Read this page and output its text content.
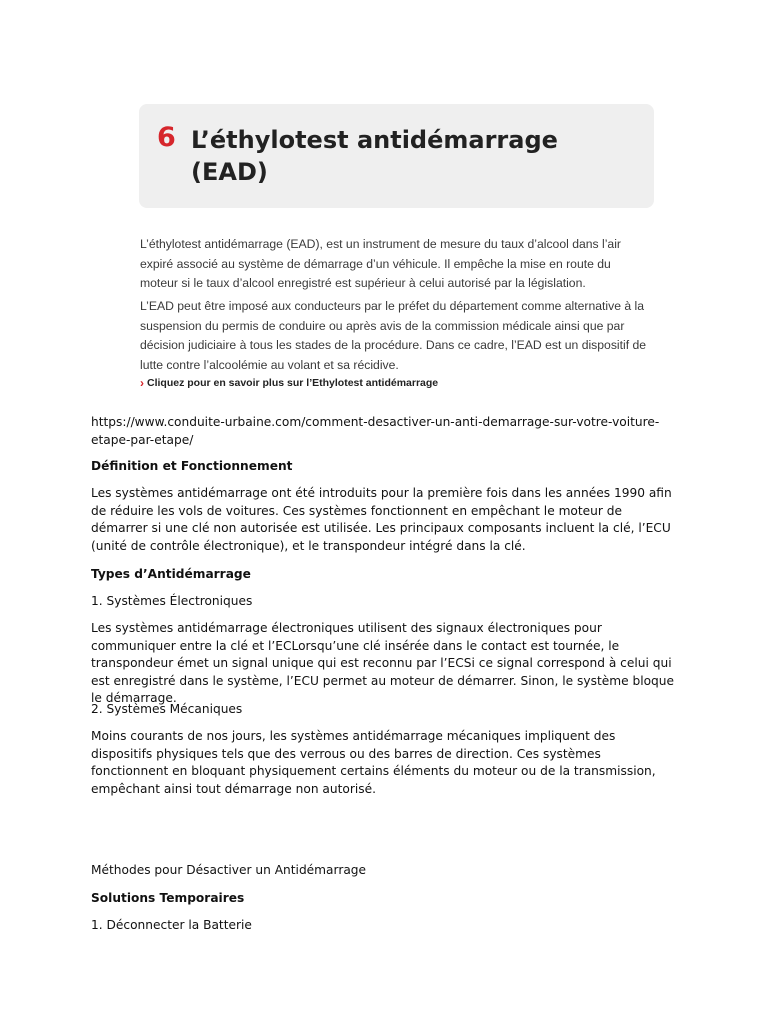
6 L’éthylotest antidémarrage (EAD)

L’éthylotest antidémarrage (EAD), est un instrument de mesure du taux d’alcool dans l’air expiré associé au système de démarrage d’un véhicule. Il empêche la mise en route du moteur si le taux d’alcool enregistré est supérieur à celui autorisé par la législation.

L’EAD peut être imposé aux conducteurs par le préfet du département comme alternative à la suspension du permis de conduire ou après avis de la commission médicale ainsi que par décision judiciaire à tous les stades de la procédure. Dans ce cadre, l’EAD est un dispositif de lutte contre l’alcoolémie au volant et sa récidive.

› Cliquez pour en savoir plus sur l’Ethylotest antidémarrage

https://www.conduite-urbaine.com/comment-desactiver-un-anti-demarrage-sur-votre-voiture-etape-par-etape/

Définition et Fonctionnement

Les systèmes antidémarrage ont été introduits pour la première fois dans les années 1990 afin de réduire les vols de voitures. Ces systèmes fonctionnent en empêchant le moteur de démarrer si une clé non autorisée est utilisée. Les principaux composants incluent la clé, l’ECU (unité de contrôle électronique), et le transpondeur intégré dans la clé.

Types d’Antidémarrage

1. Systèmes Électroniques

Les systèmes antidémarrage électroniques utilisent des signaux électroniques pour communiquer entre la clé et l’ECLorsqu’une clé insérée dans le contact est tournée, le transpondeur émet un signal unique qui est reconnu par l’ECSi ce signal correspond à celui qui est enregistré dans le système, l’ECU permet au moteur de démarrer. Sinon, le système bloque le démarrage.

2. Systèmes Mécaniques

Moins courants de nos jours, les systèmes antidémarrage mécaniques impliquent des dispositifs physiques tels que des verrous ou des barres de direction. Ces systèmes fonctionnent en bloquant physiquement certains éléments du moteur ou de la transmission, empêchant ainsi tout démarrage non autorisé.

Méthodes pour Désactiver un Antidémarrage

Solutions Temporaires

1. Déconnecter la Batterie
